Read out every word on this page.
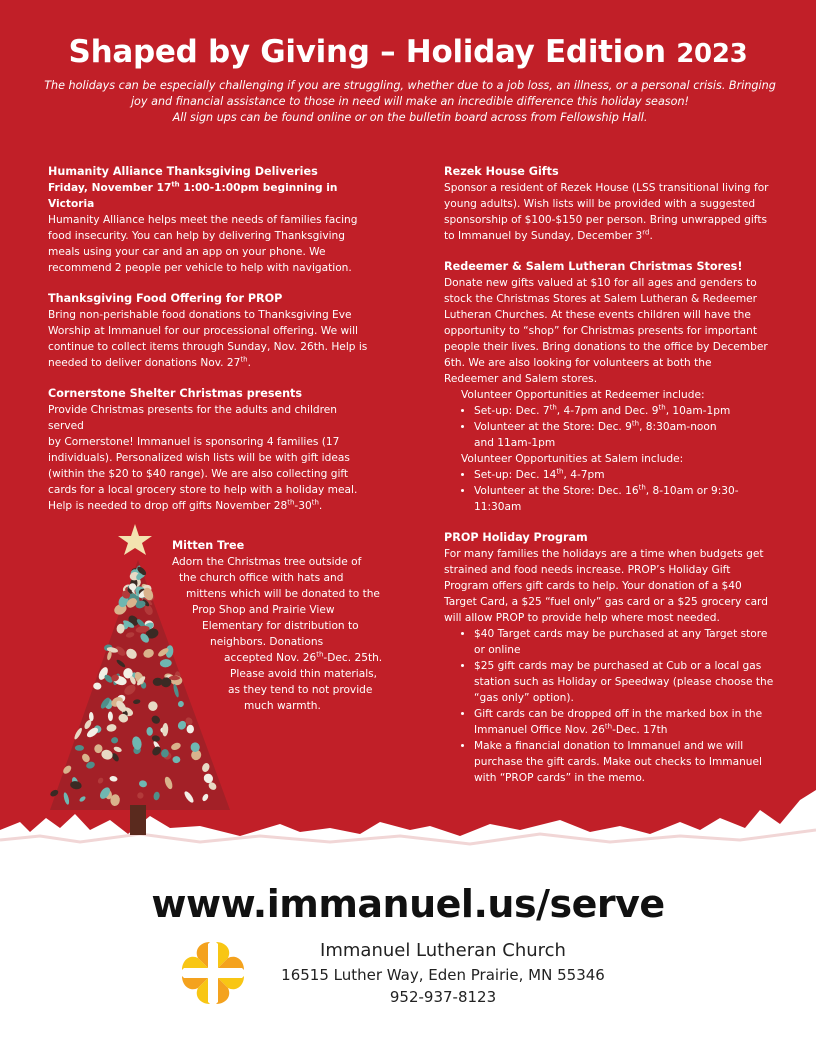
Shaped by Giving – Holiday Edition 2023
The holidays can be especially challenging if you are struggling, whether due to a job loss, an illness, or a personal crisis. Bringing
joy and financial assistance to those in need will make an incredible difference this holiday season!
All sign ups can be found online or on the bulletin board across from Fellowship Hall.
Humanity Alliance Thanksgiving Deliveries

Friday, November 17th 1:00-1:00pm beginning in Victoria

Humanity Alliance helps meet the needs of families facing

food insecurity. You can help by delivering Thanksgiving

meals using your car and an app on your phone. We

recommend 2 people per vehicle to help with navigation.

Thanksgiving Food Offering for PROP

Bring non-perishable food donations to Thanksgiving Eve

Worship at Immanuel for our processional offering. We will

continue to collect items through Sunday, Nov. 26th. Help is

needed to deliver donations Nov. 27th.

Cornerstone Shelter Christmas presents

Provide Christmas presents for the adults and children served

by Cornerstone! Immanuel is sponsoring 4 families (17

individuals). Personalized wish lists will be with gift ideas

(within the $20 to $40 range). We are also collecting gift

cards for a local grocery store to help with a holiday meal.

Help is needed to drop off gifts November 28th-30th.

Mitten Tree
Adorn the Christmas tree outside of
the church office with hats and
mittens which will be donated to the
Prop Shop and Prairie View
Elementary for distribution to
neighbors. Donations
accepted Nov. 26th-Dec. 25th.
Please avoid thin materials,
as they tend to not provide
much warmth.
Rezek House Gifts

Sponsor a resident of Rezek House (LSS transitional living for

young adults). Wish lists will be provided with a suggested

sponsorship of $100-$150 per person. Bring unwrapped gifts

to Immanuel by Sunday, December 3rd.

Redeemer & Salem Lutheran Christmas Stores!

Donate new gifts valued at $10 for all ages and genders to

stock the Christmas Stores at Salem Lutheran & Redeemer

Lutheran Churches. At these events children will have the

opportunity to “shop” for Christmas presents for important

people their lives. Bring donations to the office by December

6th. We are also looking for volunteers at both the

Redeemer and Salem stores.

Volunteer Opportunities at Redeemer include:

• Set-up: Dec. 7th, 4-7pm and Dec. 9th, 10am-1pm
• Volunteer at the Store: Dec. 9th, 8:30am-noon
and 11am-1pm

Volunteer Opportunities at Salem include:

• Set-up: Dec. 14th, 4-7pm
• Volunteer at the Store: Dec. 16th, 8-10am or 9:30-
11:30am
PROP Holiday Program

For many families the holidays are a time when budgets get

strained and food needs increase. PROP’s Holiday Gift

Program offers gift cards to help. Your donation of a $40

Target Card, a $25 “fuel only” gas card or a $25 grocery card

will allow PROP to provide help where most needed.

• $40 Target cards may be purchased at any Target store
or online
• $25 gift cards may be purchased at Cub or a local gas
station such as Holiday or Speedway (please choose the
“gas only” option).
• Gift cards can be dropped off in the marked box in the
Immanuel Office Nov. 26th-Dec. 17th
• Make a financial donation to Immanuel and we will
purchase the gift cards. Make out checks to Immanuel
with “PROP cards” in the memo.
www.immanuel.us/serve
Immanuel Lutheran Church
16515 Luther Way, Eden Prairie, MN 55346
952-937-8123
